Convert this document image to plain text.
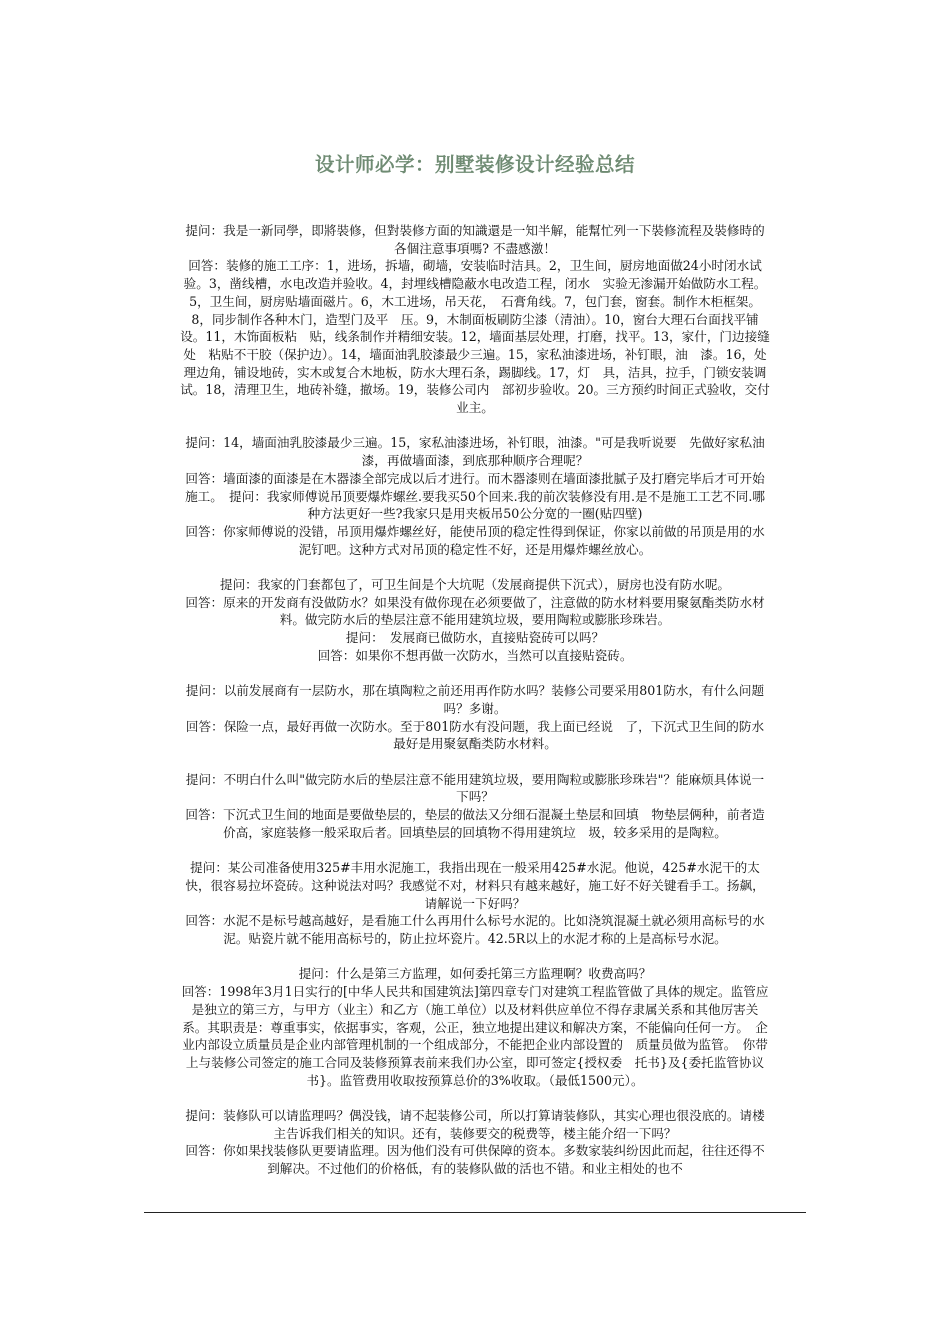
设计师必学：别墅装修设计经验总结

提问：我是一新同學，即將裝修，但對裝修方面的知識還是一知半解，能幫忙列一下裝修流程及裝修時的各個注意事項嗎? 不盡感激！

回答：装修的施工工序：1，进场，拆墙，砌墙，安装临时洁具。2，卫生间，厨房地面做24小时闭水试验。3，凿线槽，水电改造并验收。4，封埋线槽隐蔽水电改造工程，闭水　实验无渗漏开始做防水工程。5，卫生间，厨房贴墙面磁片。6，木工进场，吊天花，　石膏角线。7，包门套，窗套。制作木柜框架。8，同步制作各种木门，造型门及平　压。9，木制面板刷防尘漆（清油）。10，窗台大理石台面找平铺设。11，木饰面板粘　贴，线条制作并精细安装。12，墙面基层处理，打磨，找平。13，家什，门边接缝处　粘贴不干胶（保护边）。14，墙面油乳胶漆最少三遍。15，家私油漆进场，补钉眼，油　漆。16，处理边角，铺设地砖，实木或复合木地板，防水大理石条，踢脚线。17，灯　具，洁具，拉手，门锁安装调试。18，清理卫生，地砖补缝，撤场。19，装修公司内　部初步验收。20。三方预约时间正式验收，交付业主。

提问：14，墙面油乳胶漆最少三遍。15，家私油漆进场，补钉眼，油漆。"可是我听说要　先做好家私油漆，再做墙面漆，到底那种顺序合理呢？

回答：墙面漆的面漆是在木器漆全部完成以后才进行。而木器漆则在墙面漆批腻子及打磨完毕后才可开始施工。　提问：我家师傅说吊顶要爆炸螺丝.要我买50个回来.我的前次装修没有用.是不是施工工艺不同.哪种方法更好一些?我家只是用夹板吊50公分宽的一圈(贴四壁)

回答：你家师傅说的没错，吊顶用爆炸螺丝好，能使吊顶的稳定性得到保证，你家以前做的吊顶是用的水泥钉吧。这种方式对吊顶的稳定性不好，还是用爆炸螺丝放心。

提问：我家的门套都包了，可卫生间是个大坑呢（发展商提供下沉式），厨房也没有防水呢。

回答：原来的开发商有没做防水？如果没有做你现在必须要做了，注意做的防水材料要用聚氨酯类防水材料。做完防水后的垫层注意不能用建筑垃圾，要用陶粒或膨胀珍珠岩。

提问：　发展商已做防水，直接贴瓷砖可以吗？

回答：如果你不想再做一次防水，当然可以直接贴瓷砖。

提问：以前发展商有一层防水，那在填陶粒之前还用再作防水吗？装修公司要采用801防水，有什么问题吗？多谢。

回答：保险一点，最好再做一次防水。至于801防水有没问题，我上面已经说　了，下沉式卫生间的防水最好是用聚氨酯类防水材料。

提问：不明白什么叫"做完防水后的垫层注意不能用建筑垃圾，要用陶粒或膨胀珍珠岩"？能麻烦具体说一下吗？

回答：下沉式卫生间的地面是要做垫层的，垫层的做法又分细石混凝土垫层和回填　物垫层俩种，前者造价高，家庭装修一般采取后者。回填垫层的回填物不得用建筑垃　圾，较多采用的是陶粒。

提问：某公司准备使用325#丰用水泥施工，我指出现在一般采用425#水泥。他说，425#水泥干的太快，很容易拉坏瓷砖。这种说法对吗？我感觉不对，材料只有越来越好，施工好不好关键看手工。扬飙，请解说一下好吗？

回答：水泥不是标号越高越好，是看施工什么再用什么标号水泥的。比如浇筑混凝土就必须用高标号的水泥。贴瓷片就不能用高标号的，防止拉坏瓷片。42.5R以上的水泥才称的上是高标号水泥。

提问：什么是第三方监理，如何委托第三方监理啊？收费高吗？

回答：1998年3月1日实行的[中华人民共和国建筑法]第四章专门对建筑工程监管做了具体的规定。监管应是独立的第三方，与甲方（业主）和乙方（施工单位）以及材料供应单位不得存隶属关系和其他厉害关系。其职责是：尊重事实，依据事实，客观，公正，独立地提出建议和解决方案，不能偏向任何一方。　企业内部设立质量员是企业内部管理机制的一个组成部分，不能把企业内部设置的　质量员做为监管。　你带上与装修公司签定的施工合同及装修预算表前来我们办公室，即可签定{授权委　托书}及{委托监管协议书}。监管费用收取按预算总价的3%收取。（最低1500元）。

提问：装修队可以请监理吗？偶没钱，请不起装修公司，所以打算请装修队，其实心理也很没底的。请楼主告诉我们相关的知识。还有，装修要交的税费等，楼主能介绍一下吗？

回答：你如果找装修队更要请监理。因为他们没有可供保障的资本。多数家装纠纷因此而起，往往还得不到解决。不过他们的价格低，有的装修队做的活也不错。和业主相处的也不
